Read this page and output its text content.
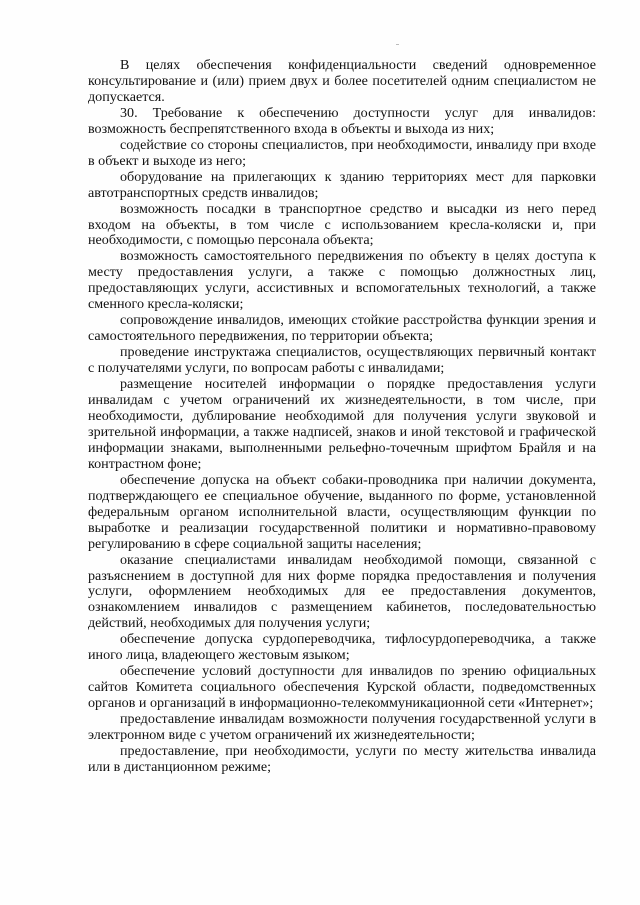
В целях обеспечения конфиденциальности сведений одновременное консультирование и (или) прием двух и более посетителей одним специалистом не допускается.

30. Требование к обеспечению доступности услуг для инвалидов: возможность беспрепятственного входа в объекты и выхода из них;

содействие со стороны специалистов, при необходимости, инвалиду при входе в объект и выходе из него;

оборудование на прилегающих к зданию территориях мест для парковки автотранспортных средств инвалидов;

возможность посадки в транспортное средство и высадки из него перед входом на объекты, в том числе с использованием кресла-коляски и, при необходимости, с помощью персонала объекта;

возможность самостоятельного передвижения по объекту в целях доступа к месту предоставления услуги, а также с помощью должностных лиц, предоставляющих услуги, ассистивных и вспомогательных технологий, а также сменного кресла-коляски;

сопровождение инвалидов, имеющих стойкие расстройства функции зрения и самостоятельного передвижения, по территории объекта;

проведение инструктажа специалистов, осуществляющих первичный контакт с получателями услуги, по вопросам работы с инвалидами;

размещение носителей информации о порядке предоставления услуги инвалидам с учетом ограничений их жизнедеятельности, в том числе, при необходимости, дублирование необходимой для получения услуги звуковой и зрительной информации, а также надписей, знаков и иной текстовой и графической информации знаками, выполненными рельефно-точечным шрифтом Брайля и на контрастном фоне;

обеспечение допуска на объект собаки-проводника при наличии документа, подтверждающего ее специальное обучение, выданного по форме, установленной федеральным органом исполнительной власти, осуществляющим функции по выработке и реализации государственной политики и нормативно-правовому регулированию в сфере социальной защиты населения;

оказание специалистами инвалидам необходимой помощи, связанной с разъяснением в доступной для них форме порядка предоставления и получения услуги, оформлением необходимых для ее предоставления документов, ознакомлением инвалидов с размещением кабинетов, последовательностью действий, необходимых для получения услуги;

обеспечение допуска сурдопереводчика, тифлосурдопереводчика, а также иного лица, владеющего жестовым языком;

обеспечение условий доступности для инвалидов по зрению официальных сайтов Комитета социального обеспечения Курской области, подведомственных органов и организаций в информационно-телекоммуникационной сети «Интернет»;

предоставление инвалидам возможности получения государственной услуги в электронном виде с учетом ограничений их жизнедеятельности;

предоставление, при необходимости, услуги по месту жительства инвалида или в дистанционном режиме;
